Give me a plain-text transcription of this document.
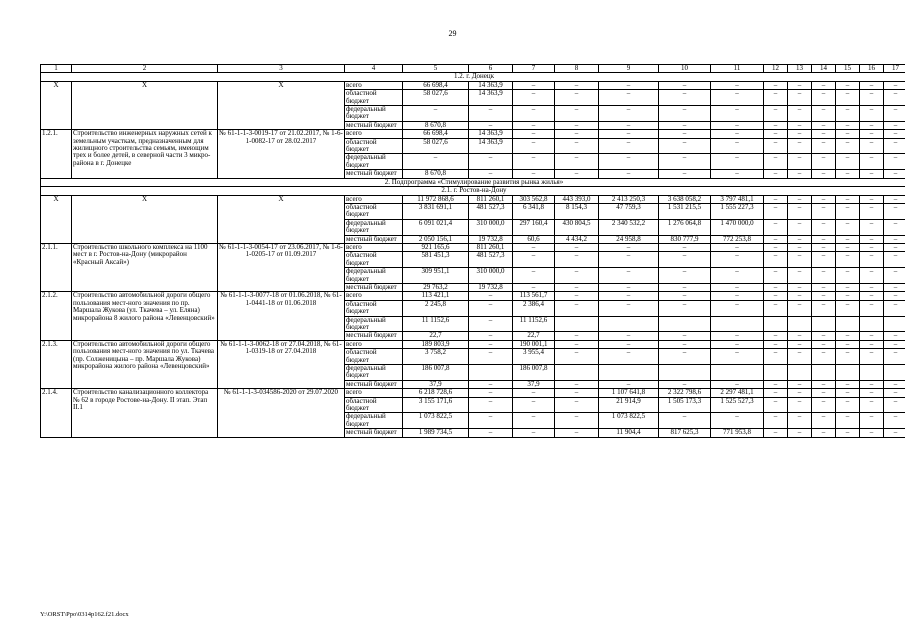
29
1	2	3	4	5	6	7	8	9	10	11	12	13	14	15	16	17
1.2. г. Донецк																
X	X	X	всего	66 698,4	14 363,9	–	–	–	–	–	–	–	–	–	–	–
			областной бюджет	58 027,6	14 363,9	–	–	–	–	–	–	–	–	–	–	–
			федеральный бюджет	–	–	–	–	–	–	–	–	–	–	–	–	–
			местный бюджет	8 670,8	–	–	–	–	–	–	–	–	–	–	–	–
1.2.1.	Строительство инженерных наружных сетей к земельным участкам, предназначенным для жилищного строительства семьям, имеющим трех и более детей, в северной части 3 микро-района в г. Донецке	№ 61-1-1-3-0019-17 от 21.02.2017, № 1-6-1-0082-17 от 28.02.2017	всего	66 698,4	14 363,9	–	–	–	–	–	–	–	–	–	–	–
			областной бюджет	58 027,6	14 363,9	–	–	–	–	–	–	–	–	–	–	–
			федеральный бюджет	–	–	–	–	–	–	–	–	–	–	–	–	–
			местный бюджет	8 670,8	–	–	–	–	–	–	–	–	–	–	–	–
2. Подпрограмма «Стимулирование развития рынка жилья»																
2.1. г. Ростов-на-Дону																
X	X	X	всего	11 972 868,6	811 260,1	303 562,8	443 393,0	2 413 250,3	3 638 058,2	3 797 481,1	–	–	–	–	–	–
			областной бюджет	3 831 691,1	481 527,3	6 341,8	8 154,3	47 759,3	1 531 215,5	1 555 227,3	–	–	–	–	–	–
			федеральный бюджет	6 091 021,4	310 000,0	297 160,4	430 804,5	2 340 532,2	1 276 064,8	1 470 000,0	–	–	–	–	–	–
			местный бюджет	2 050 156,1	19 732,8	60,6	4 434,2	24 958,8	830 777,9	772 253,8	–	–	–	–	–	–
2.1.1.	Строительство школьного комплекса на 1100 мест в г. Ростов-на-Дону (микрорайон «Красный Аксай»)	№ 61-1-1-3-0054-17 от 23.06.2017, № 1-6-1-0205-17 от 01.09.2017	всего	921 165,6	811 260,1	–	–	–	–	–	–	–	–	–	–	–
			областной бюджет	581 451,3	481 527,3	–	–	–	–	–	–	–	–	–	–	–
			федеральный бюджет	309 951,1	310 000,0	–	–	–	–	–	–	–	–	–	–	–
			местный бюджет	29 763,2	19 732,8	–	–	–	–	–	–	–	–	–	–	–
2.1.2.	Строительство автомобильной дороги общего пользования мест-ного значения по пр. Маршала Жукова (ул. Ткачева – ул. Еляна) микрорайона 8 жилого района «Левенцовский»	№ 61-1-1-3-0077-18 от 01.06.2018, № 61-1-0441-18 от 01.06.2018	всего	113 421,1	–	113 561,7	–	–	–	–	–	–	–	–	–	–
			областной бюджет	2 245,8	–	2 386,4	–	–	–	–	–	–	–	–	–	–
			федеральный бюджет	11 1152,6	–	11 1152,6										
			местный бюджет	22,7	–	22,7	–	–	–	–	–	–	–	–	–	–
2.1.3.	Строительство автомобильной дороги общего пользования мест-ного значения по ул. Ткачева (пр. Солженицына – пр. Маршала Жукова) микрорайона жилого района «Левенцовский»	№ 61-1-1-3-0062-18 от 27.04.2018, № 61-1-0319-18 от 27.04.2018	всего	189 803,9	–	190 001,1	–	–	–	–	–	–	–	–	–	–
			областной бюджет	3 758,2	–	3 955,4	–	–	–	–	–	–	–	–	–	–
			федеральный бюджет	186 007,8		186 007,8										
			местный бюджет	37,9	–	37,9	–	–	–	–	–	–	–	–	–	–
2.1.4.	Строительство канализационного коллектора № 62 в городе Ростове-на-Дону. II этап. Этап II.1	№ 61-1-1-3-034586-2020 от 29.07.2020	всего	6 218 728,6	–	–	–	1 107 641,8	2 322 798,6	2 297 481,1	–	–	–	–	–	–
			областной бюджет	3 155 171,6	–	–	–	21 914,9	1 505 173,3	1 525 527,3	–	–	–	–	–	–
			федеральный бюджет	1 073 822,5	–	–	–	1 073 822,5	–	–	–	–	–	–	–	–
			местный бюджет	1 989 734,5	–	–	–	11 904,4	817 625,3	771 953,8	–	–	–	–	–	–
Y:\ORST\Ppo\0314p162.f21.docx
